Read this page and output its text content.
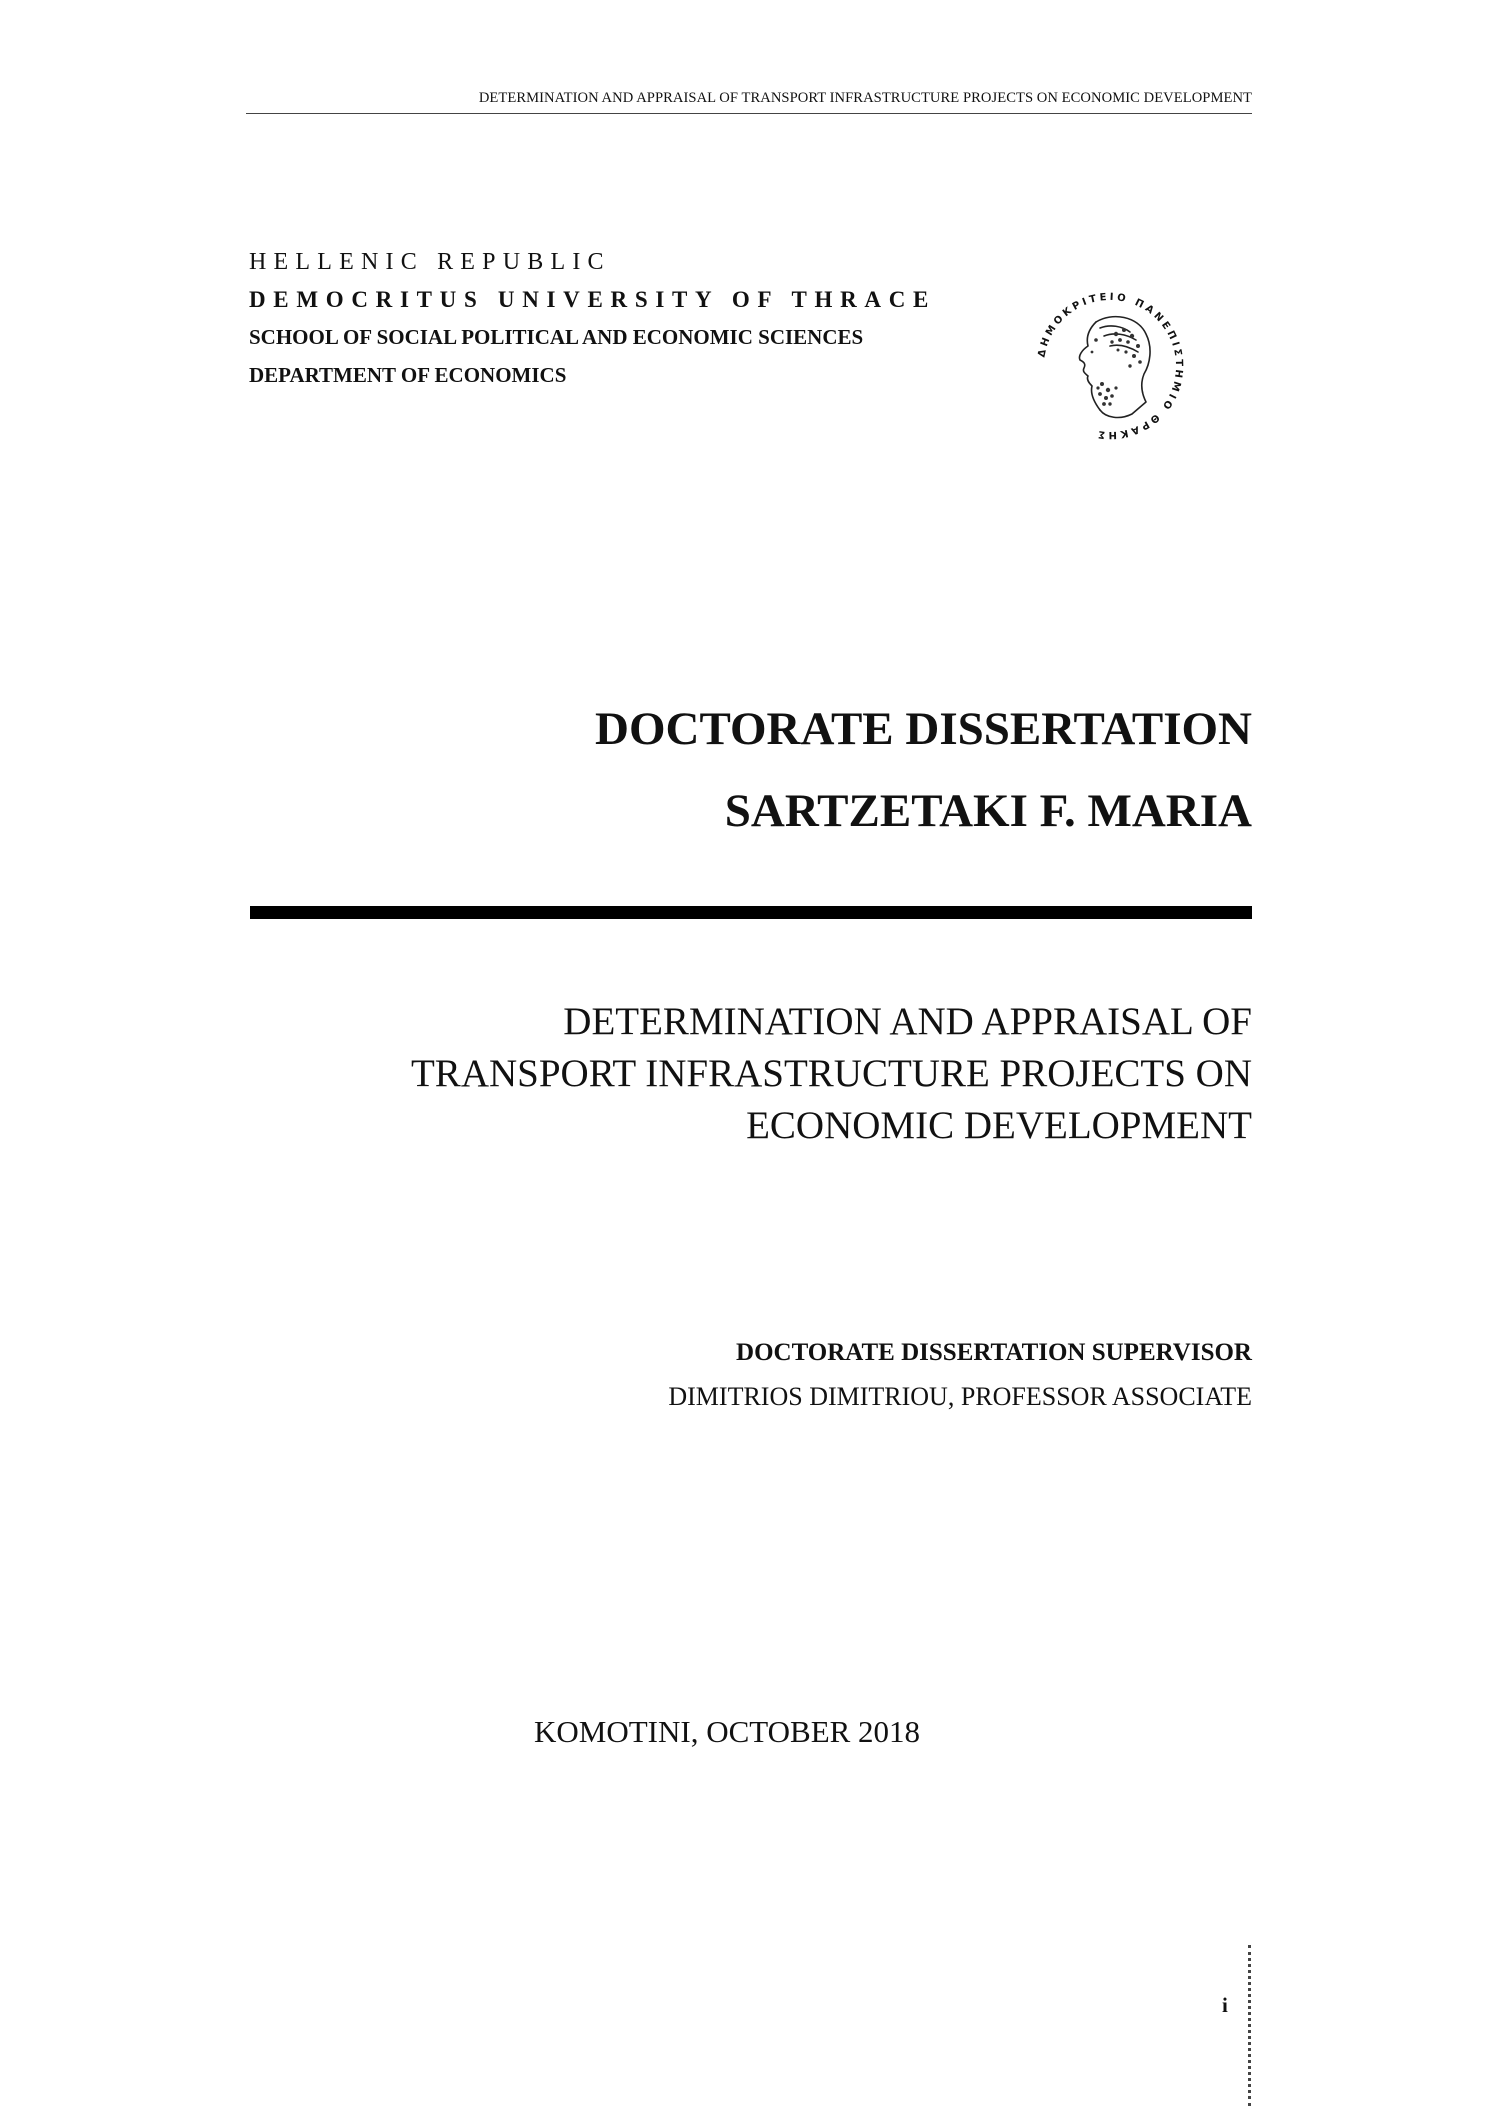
DETERMINATION AND APPRAISAL OF TRANSPORT INFRASTRUCTURE PROJECTS ON ECONOMIC DEVELOPMENT
HELLENIC REPUBLIC
DEMOCRITUS UNIVERSITY OF THRACE
SCHOOL OF SOCIAL POLITICAL AND ECONOMIC SCIENCES
DEPARTMENT OF ECONOMICS
ΔΗΜΟΚΡΙΤΕΙΟ ΠΑΝΕΠΙΣΤΗΜΙΟ ΘΡΑΚΗΣ
DOCTORATE DISSERTATION
SARTZETAKI F. MARIA
DETERMINATION AND APPRAISAL OF
TRANSPORT INFRASTRUCTURE PROJECTS ON
ECONOMIC DEVELOPMENT
DOCTORATE DISSERTATION SUPERVISOR
DIMITRIOS DIMITRIOU, PROFESSOR ASSOCIATE
KOMOTINI, OCTOBER 2018
i
